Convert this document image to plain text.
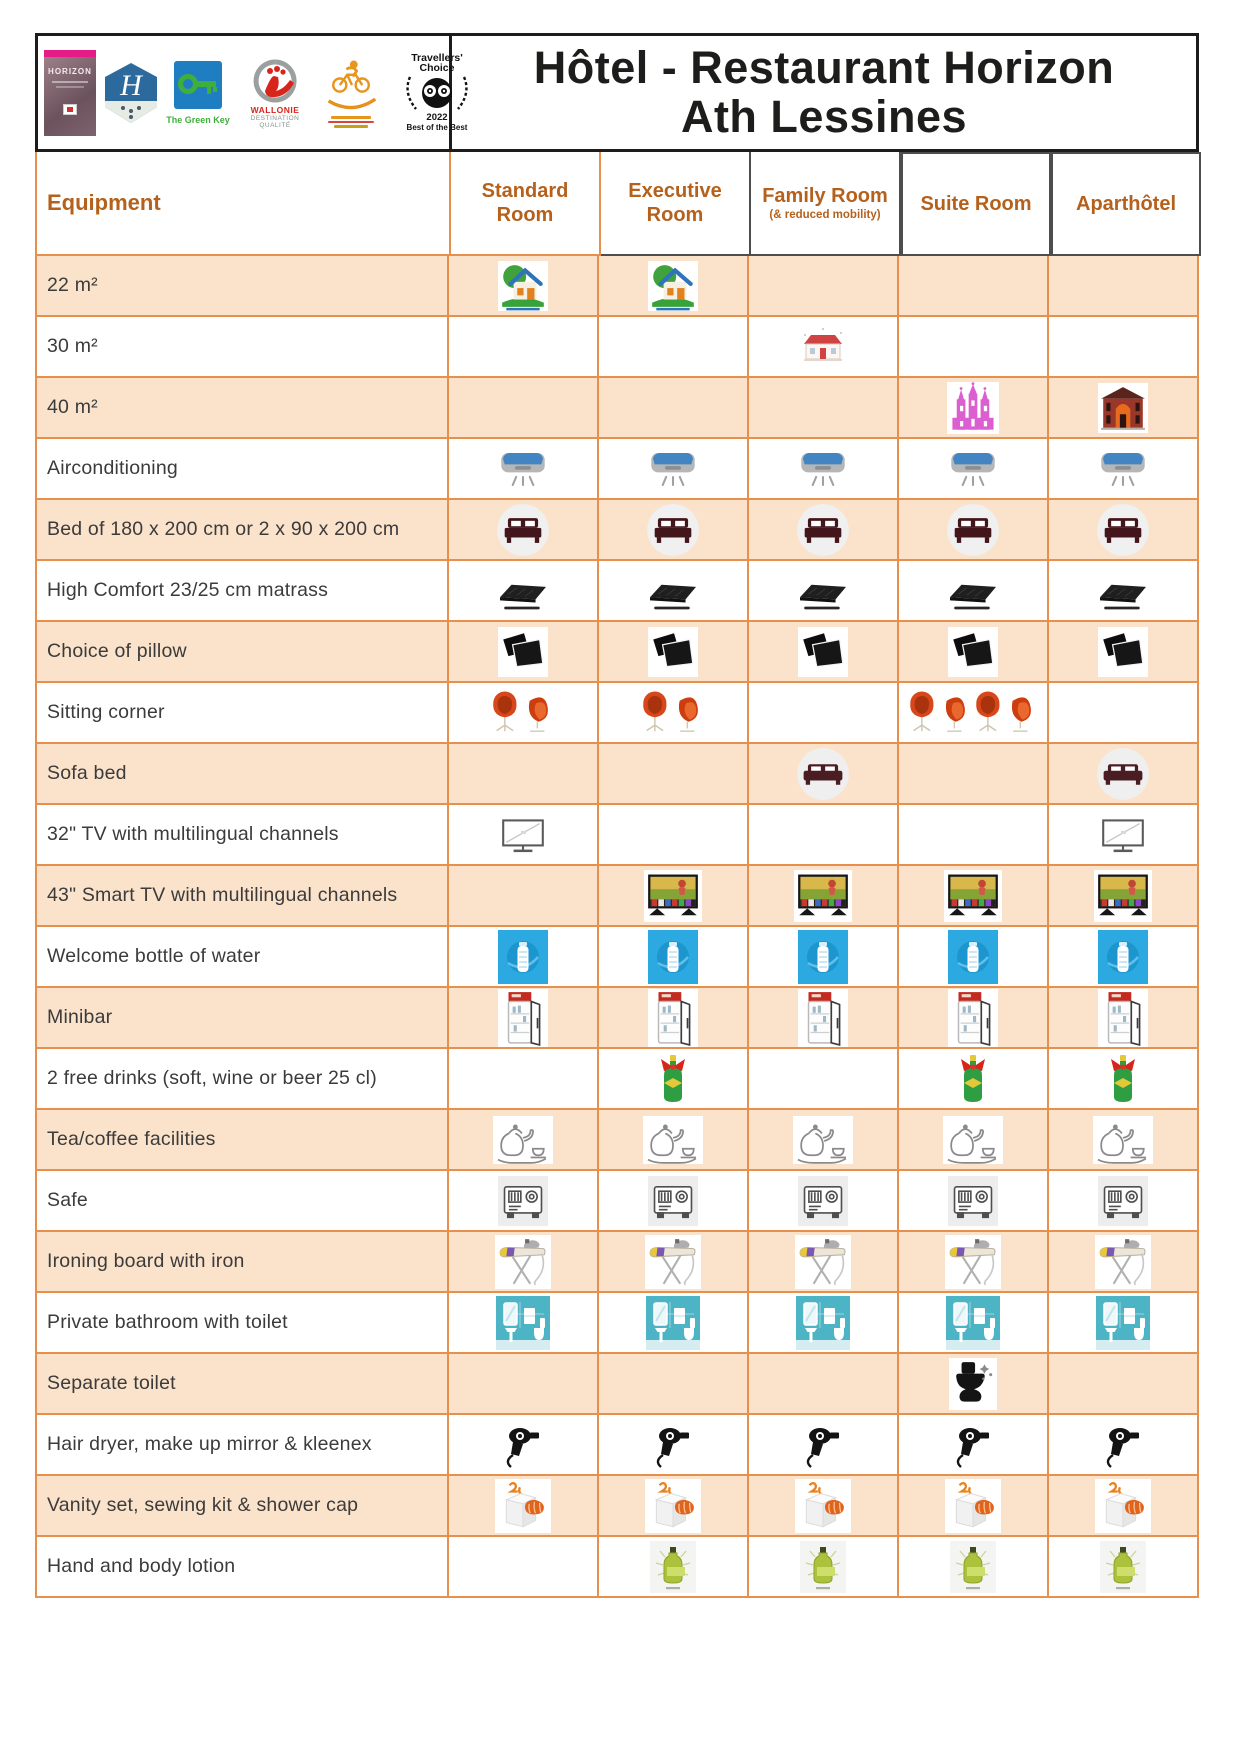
HORIZON H
The Green Key
WALLONIE
DESTINATION
QUALITÉ
Travellers'
Choice
2022
Best of the Best
Hôtel - Restaurant Horizon
Ath Lessines
Equipment	Standard Room
Executive Room
Family Room
(& reduced mobility) Suite Room Aparthôtel
22 m²
30 m²
40 m²
Airconditioning
Bed of 180 x 200 cm or 2 x 90 x 200 cm
High Comfort 23/25 cm matrass
Choice of pillow
Sitting corner
Sofa bed
32" TV with multilingual channels
43" Smart TV with multilingual channels
Welcome bottle of water
Minibar
2 free drinks (soft, wine or beer 25 cl)
Tea/coffee facilities
Safe
Ironing board with iron
Private bathroom with toilet
Separate toilet
Hair dryer, make up mirror & kleenex
Vanity set, sewing kit & shower cap
Hand and body lotion
